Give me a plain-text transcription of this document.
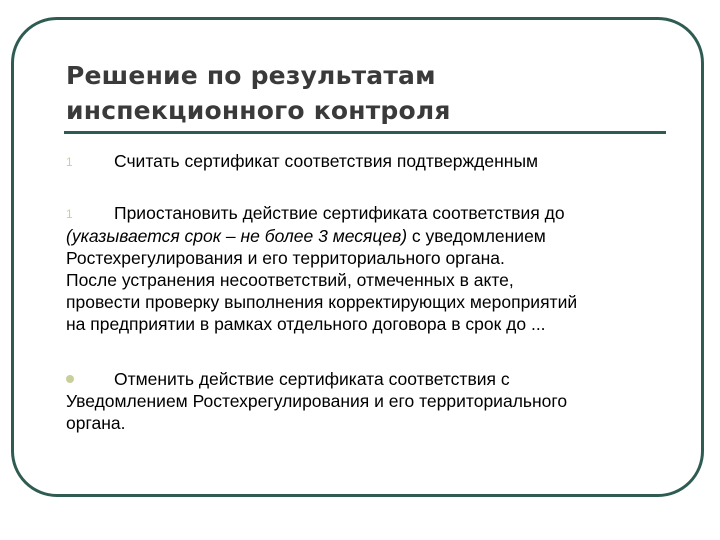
Решение по результатам
инспекционного контроля

1 Считать сертификат соответствия подтвержденным

1 Приостановить действие сертификата соответствия до
(указывается срок – не более 3 месяцев) с уведомлением
Ростехрегулирования и его территориального органа.
После устранения несоответствий, отмеченных в акте,
провести проверку выполнения корректирующих мероприятий
на предприятии в рамках отдельного договора в срок до ...

Отменить действие сертификата соответствия с
Уведомлением Ростехрегулирования и его территориального
органа.
